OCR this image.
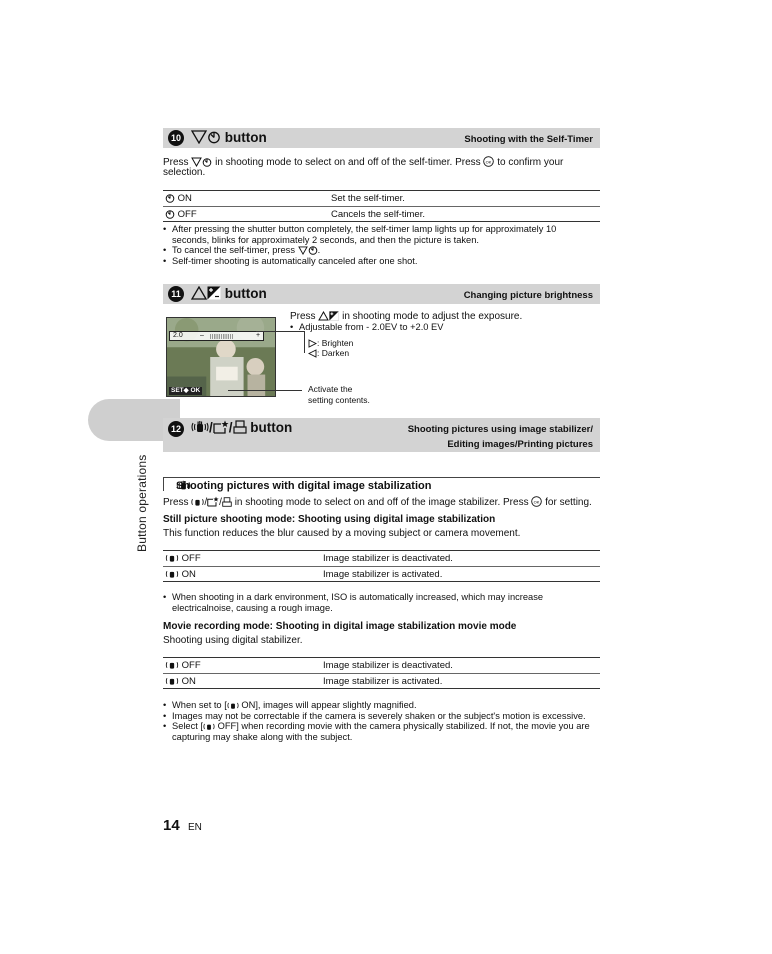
Button operations
10	button	Shooting with the Self-Timer
Press	in shooting mode to select on and off of the self-timer. Press OK to confirm your
selection.
ON	Set the self-timer.
OFF	Cancels the self-timer.
• After pressing the shutter button completely, the self-timer lamp lights up for approximately 10 seconds, blinks for approximately 2 seconds, and then the picture is taken.
• To cancel the self-timer, press .
• Self-timer shooting is automatically canceled after one shot.
11	button	Changing picture brightness
2.0 – |||||||||||||	+
SET◆ OK
Press	in shooting mode to adjust the exposure.
• Adjustable from - 2.0EV to +2.0 EV
: Brighten
: Darken
Activate the
setting contents.
12	/ / button	Shooting pictures using image stabilizer/
Editing images/Printing pictures
Shooting pictures with digital image stabilization
Press / / in shooting mode to select on and off of the image stabilizer. Press OK for setting.
Still picture shooting mode: Shooting using digital image stabilization
This function reduces the blur caused by a moving subject or camera movement.
OFF	Image stabilizer is deactivated.
ON	Image stabilizer is activated.
• When shooting in a dark environment, ISO is automatically increased, which may increase electricalnoise, causing a rough image.
Movie recording mode: Shooting in digital image stabilization movie mode
Shooting using digital stabilizer.
OFF	Image stabilizer is deactivated.
ON	Image stabilizer is activated.
• When set to [ ON], images will appear slightly magnified.
• Images may not be correctable if the camera is severely shaken or the subject's motion is excessive.
• Select [ OFF] when recording movie with the camera physically stabilized. If not, the movie you are capturing may shake along with the subject.
14 EN
